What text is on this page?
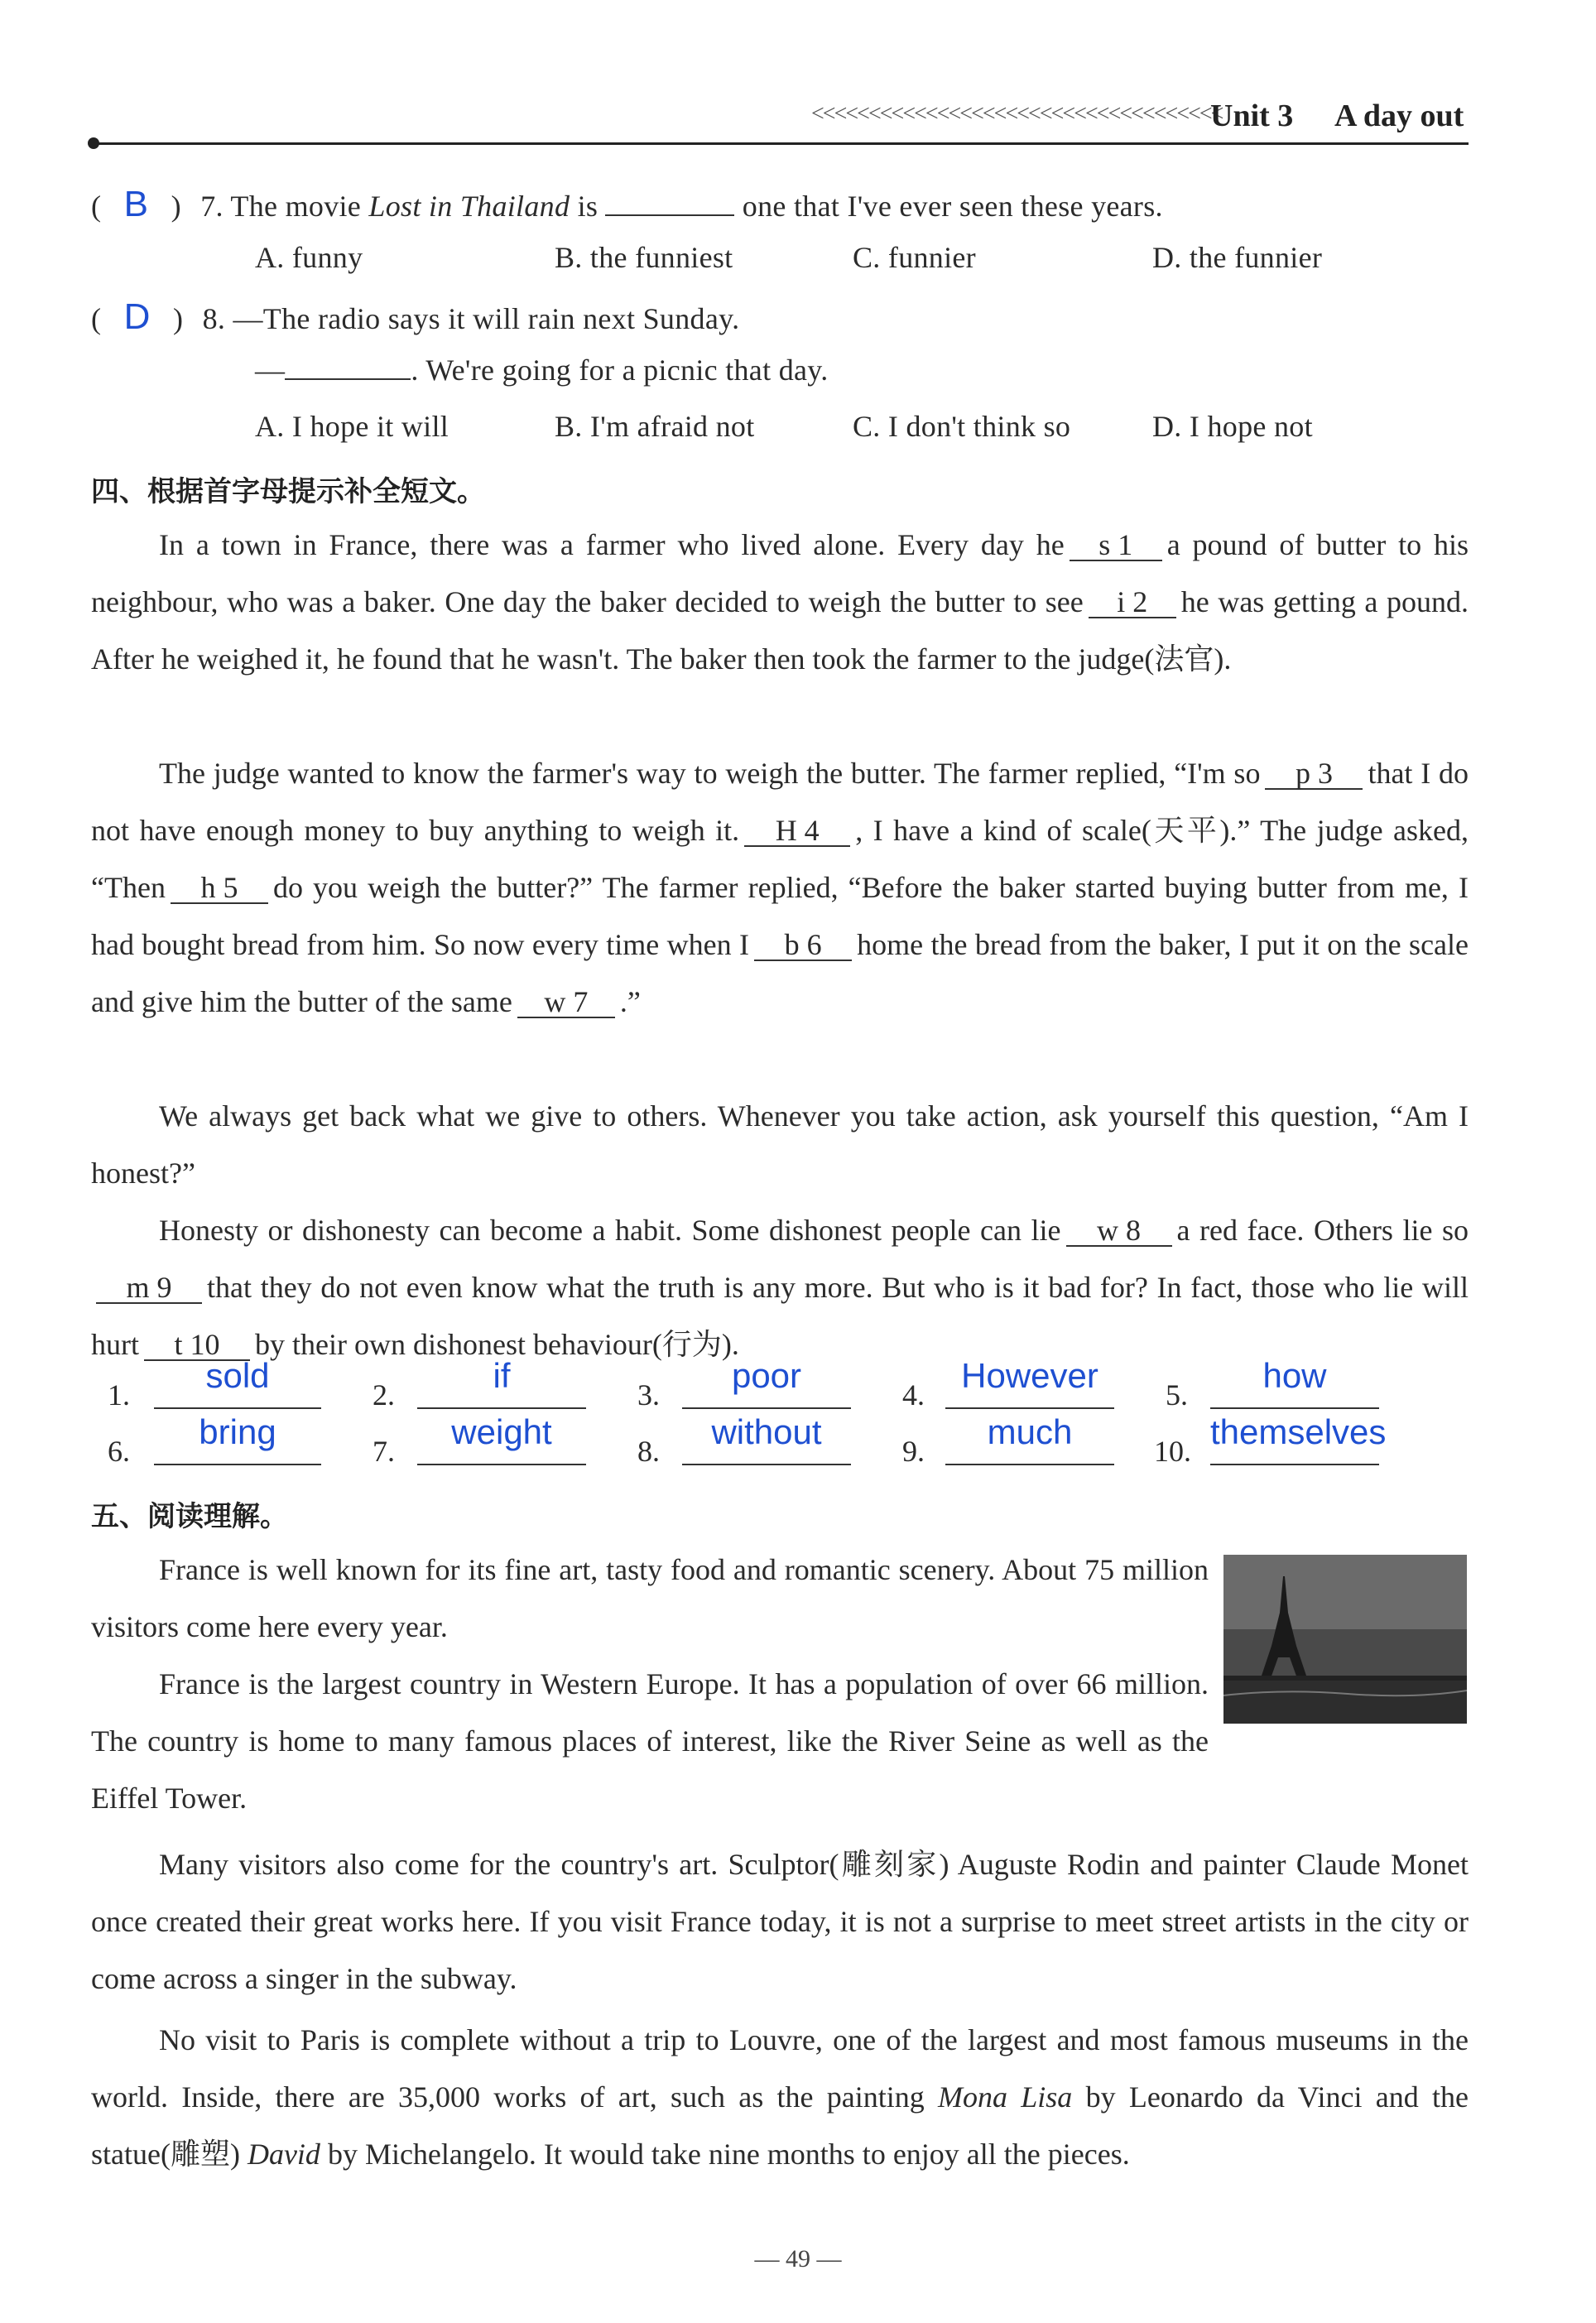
<<<<<<<<<<<<<<<<<<<<<<<<<<<<<<<<<<<<
Unit 3 A day out
( B ) 7. The movie Lost in Thailand is	one that I've ever seen these years.
A. funny	B. the funniest	C. funnier	D. the funnier
( D ) 8. —The radio says it will rain next Sunday.
—	. We're going for a picnic that day.
A. I hope it will	B. I'm afraid not	C. I don't think so	D. I hope not
四、根据首字母提示补全短文。
In a town in France, there was a farmer who lived alone. Every day he s 1 a pound of butter to his neighbour, who was a baker. One day the baker decided to weigh the butter to see i 2 he was getting a pound. After he weighed it, he found that he wasn't. The baker then took the farmer to the judge(法官).
The judge wanted to know the farmer's way to weigh the butter. The farmer replied, “I'm so p 3 that I do not have enough money to buy anything to weigh it. H 4 , I have a kind of scale(天平).” The judge asked, “Then h 5 do you weigh the butter?” The farmer replied, “Before the baker started buying butter from me, I had bought bread from him. So now every time when I b 6 home the bread from the baker, I put it on the scale and give him the butter of the same w 7 .”
We always get back what we give to others. Whenever you take action, ask yourself this question, “Am I honest?”
Honesty or dishonesty can become a habit. Some dishonest people can lie w 8 a red face. Others lie som 9 that they do not even know what the truth is any more. But who is it bad for? In fact, those who lie will hurt t 10 by their own dishonest behaviour(行为).
1.	sold	2.	if	3.	poor	4.	However	5.	how
6.	bring	7.	weight	8.	without	9.	much	10. themselves
五、阅读理解。
France is well known for its fine art, tasty food and romantic scenery. About 75 million visitors come here every year.
France is the largest country in Western Europe. It has a population of over 66 million. The country is home to many famous places of interest, like the River Seine as well as the Eiffel Tower.
Many visitors also come for the country's art. Sculptor(雕刻家) Auguste Rodin and painter Claude Monet once created their great works here. If you visit France today, it is not a surprise to meet street artists in the city or come across a singer in the subway.
No visit to Paris is complete without a trip to Louvre, one of the largest and most famous museums in the world. Inside, there are 35,000 works of art, such as the painting Mona Lisa by Leonardo da Vinci and the statue(雕塑) David by Michelangelo. It would take nine months to enjoy all the pieces.
— 49 —
